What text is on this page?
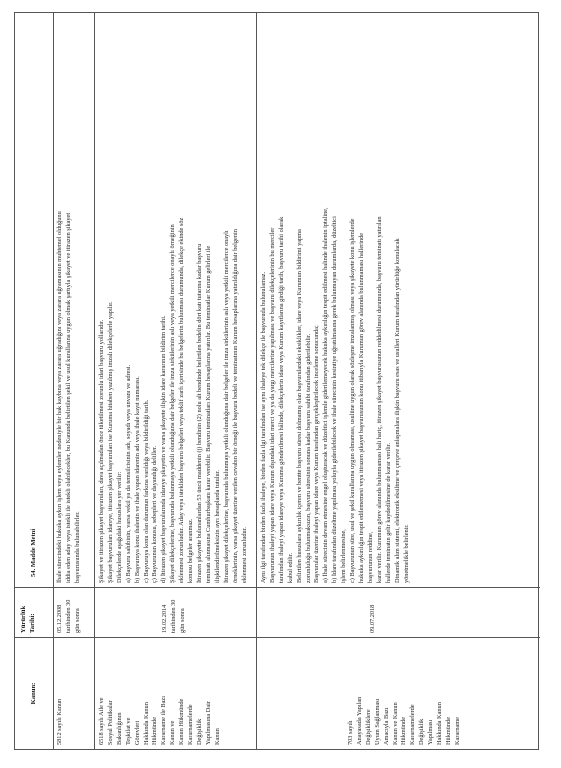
Kanun:
Yürürlük Tarihi:
54. Madde Metni
5812 sayılı Kanun
05.12.2008 tarihinden 30 gün sonra
İhale sürecindeki hukuka aykırı işlem veya eylemler nedeniyle bir hak kaybına veya zarara uğradığını veya zarara uğramasının muhtemel olduğunu iddia eden aday veya istekli ile istekli olabilecekler, bu Kanunda belirtilen şekil ve usul kurallarına uygun olmak şartıyla şikayet ve itirazen şikayet başvurusunda bulunabilirler.
6518 sayılı Aile ve Sosyal Politikalar Bakanlığının Teşkilat ve Görevleri Hakkında Kanun Hükmünde Kararname ile Bazı Kanun ve Kanun Hükmünde Kararnamelerde Değişiklik Yapılmasına Dair Kanun
19.02.2014 tarihinden 30 gün sonra
Şikayet ve itirazen şikayet başvuruları, dava açılmadan önce tüketilmesi zorunlu idari başvuru yollarıdır. Şikayet başvuruları idareye, itirazen şikayet başvuruları ise Kuruma hitaben yazılmış imzalı dilekçelerle yapılır. Dilekçelerde aşağıdaki hususlara yer verilir: a) Başvuru sahibinin, varsa vekil ya da temsilcisinin adı, soyadı veya unvanı ve adresi. b) Başvuruya konu ihalenin ve ihale yapan idarenin adı veya ihale kayıt numarası. c) Başvuruya konu olan durumun farkına varıldığı veya bildirildiği tarih. ç) Başvurunun konusu, sebepleri ve dayandığı deliller. d) İtirazen şikayet başvurularında idareye şikayetin ve varsa şikayete ilişkin idare kararının bildirim tarihi. Şikayet dilekçelerine, başvuruda bulunmaya yetkili olunduğuna dair belgeler ile imza sirkülerinin aslı veya yetkili mercilerce onaylı örneğinin eklenmesi zorunludur. Aday veya istekliden başvuru belgeleri veya teklif zarfı içerisinde bu belgelerin bulunması durumunda, dilekçe ekinde söz konusu belgeler aranmaz. İtirazen şikayette bulunanlardan 53 üncü maddenin (j) bendinin (2) nolu alt bendinde belirtilen bedelin dört katı tutarına kadar başvuru teminatı alınmasına Cumhurbaşkanı karar verebilir. Başvuru teminatları Kurum hesaplarına yatırılır. Bu teminatlar Kurum gelirleri ile ilişkilendirilmeksizin ayrı hesaplarda tutulur. İtirazen şikayet dilekçelerine, başvuruda bulunmaya yetkili olunduğuna dair belgeler ile imza sirkülerinin aslı veya yetkili mercilerce onaylı örneklerinin, varsa şikayet üzerine verilen cevabın bir örneği ile başvuru bedeli ve teminatının Kurum hesaplarına yatırıldığına dair belgenin eklenmesi zorunludur.
703 sayılı Anayasada Yapılan Değişikliklere Uyum Sağlanması Amacıyla Bazı Kanun ve Kanun Hükmünde Kararnamelerde Değişiklik Yapılması Hakkında Kanun Hükmünde Kararname
09.07.2018
Aynı ilgi tarafından birden fazla ihaleye, birden fazla ilgi tarafından ise aynı ihaleye tek dilekçe ile başvuruda bulunulamaz. Başvurunun ihaleyi yapan idare veya Kurum dışındaki idari merci ve ya da yargı mercilerine yapılması ve başvuru dilekçelerinin bu merciler tarafından ihaleyi yapan idareye veya Kuruma gönderilmesi hâlinde, dilekçelerin idare veya Kurum kayıtlarına girdiği tarih, başvuru tarihi olarak kabul edilir. Belirtilen hususlara aykırılık içeren ve bentte başvuru süresi dolmamış olan başvurulardaki eksiklikler, idare veya Kurumun bildirimi yapma zorunluluğu bulunmaksızın, başvuru süresinin sonuna kadar başvuru sahibi tarafından giderilebilir. Başvurular üzerine ihaleyi yapan idare veya Kurum tarafından gerçekleştirilecek inceleme sonucunda; a) İhale sürecinin devam etmesine engel oluşturacak ve düzeltici işlemle giderilemeyecek hukuka aykırılığın tespit edilmesi halinde ihalenin iptaline, b) İdare tarafından düzeltme yapılması yoluyla giderilebilecek ve ihale sürecinin kesintiye uğratılmasına gerek bulunmayan durumlarda, düzeltici işlem belirlenmesine, c) Başvurunun süre, usul ve şekil kurallarına uygun olmaması, usulüne uygun olarak sözleşme imzalanmış olması veya şikayete konu işlemlerde hukuka aykırılığın tespit edilememesi veya itirazen şikayet başvurusunun konu itibarıyla Kurumun görev alanında bulunmaması hallerinde başvurunun reddine, karar verilir. Kurumun görev alanında bulunmaması hali hariç, itirazen şikayet başvurusunun reddedilmesi durumunda, başvuru teminatı yatırılan hallerde teminatın gelir kaydedilmesine de karar verilir. Dinamik alım sistemi, elektronik eksiltme ve çerçeve anlaşmalara ilişkin başvuru esas ve usulleri Kurum tarafından yürürlüğe konulacak yönetmelikle belirlenir.
